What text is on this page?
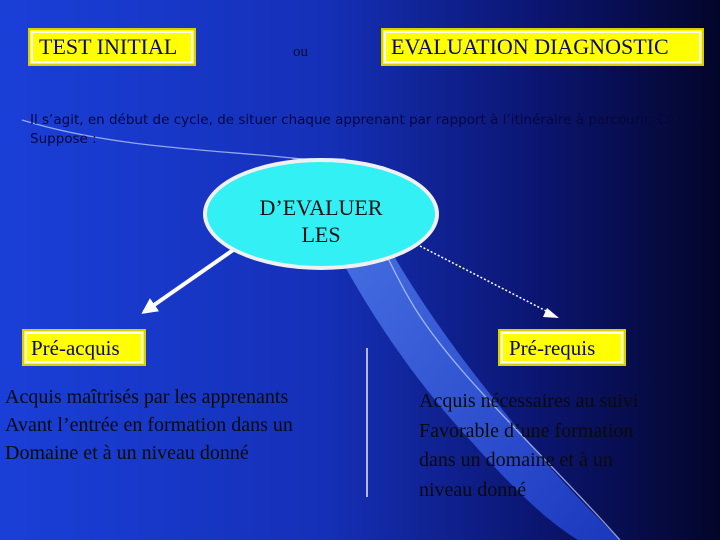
TEST INITIAL	ou	EVALUATION DIAGNOSTIC
Il s’agit, en début de cycle, de situer chaque apprenant par rapport à l’itinéraire à parcourir. Ce qui
Suppose :
D’EVALUER
LES
Pré-acquis	Pré-requis
Acquis maîtrisés par les apprenants
Avant l’entrée en formation dans un
Domaine et à un niveau donné
Acquis nécessaires au suivi
Favorable d’une formation
dans un domaine et à un
niveau donné
